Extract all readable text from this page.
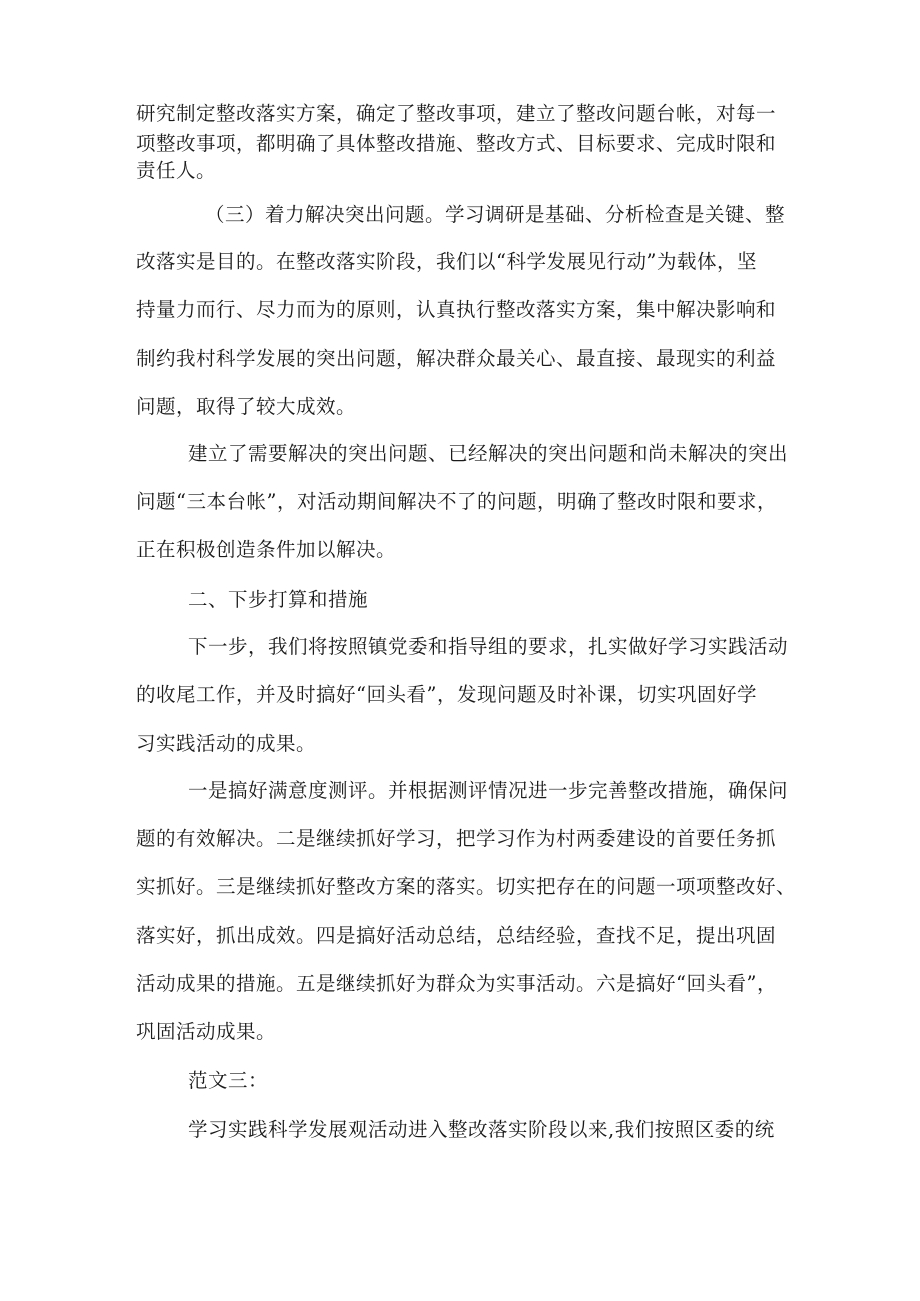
研究制定整改落实方案，确定了整改事项，建立了整改问题台帐，对每一
项整改事项，都明确了具体整改措施、整改方式、目标要求、完成时限和
责任人。
（三）着力解决突出问题。学习调研是基础、分析检查是关键、整
改落实是目的。在整改落实阶段，我们以“科学发展见行动”为载体，坚
持量力而行、尽力而为的原则，认真执行整改落实方案，集中解决影响和
制约我村科学发展的突出问题，解决群众最关心、最直接、最现实的利益
问题，取得了较大成效。
建立了需要解决的突出问题、已经解决的突出问题和尚未解决的突出
问题“三本台帐”，对活动期间解决不了的问题，明确了整改时限和要求，
正在积极创造条件加以解决。
二、下步打算和措施
下一步，我们将按照镇党委和指导组的要求，扎实做好学习实践活动
的收尾工作，并及时搞好“回头看”，发现问题及时补课，切实巩固好学
习实践活动的成果。
一是搞好满意度测评。并根据测评情况进一步完善整改措施，确保问
题的有效解决。二是继续抓好学习，把学习作为村两委建设的首要任务抓
实抓好。三是继续抓好整改方案的落实。切实把存在的问题一项项整改好、
落实好，抓出成效。四是搞好活动总结，总结经验，查找不足，提出巩固
活动成果的措施。五是继续抓好为群众为实事活动。六是搞好“回头看”，
巩固活动成果。
范文三：
学习实践科学发展观活动进入整改落实阶段以来,我们按照区委的统
